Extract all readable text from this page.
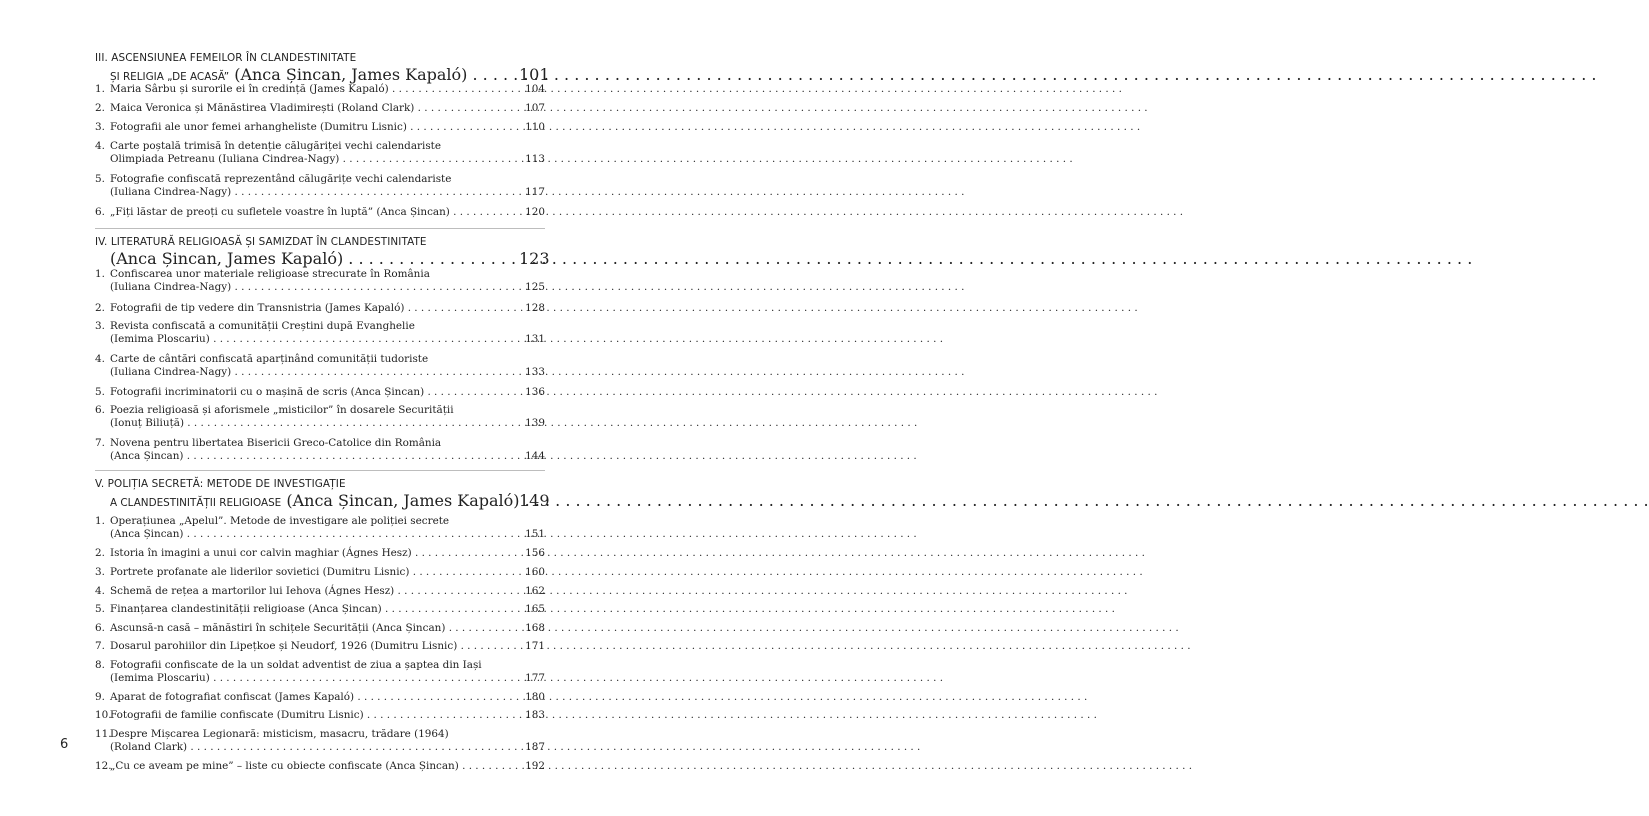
III. ASCENSIUNEA FEMEILOR ÎN CLANDESTINITATE
ȘI RELIGIA „DE ACASĂ” (Anca Șincan, James Kapaló) . . .	101
1. Maria Sârbu și surorile ei în credință (James Kapaló) . . .	104
2. Maica Veronica și Mănăstirea Vladimirești (Roland Clark) . . .	107
3. Fotografii ale unor femei arhangheliste (Dumitru Lisnic) . . .	110
4. Carte poștală trimisă în detenție călugăriței vechi calendariste
Olimpiada Petreanu (Iuliana Cindrea-Nagy) . . .	113
5. Fotografie confiscată reprezentând călugărițe vechi calendariste
(Iuliana Cindrea-Nagy) . . .	117
6. „Fiți lăstar de preoți cu sufletele voastre în luptă” (Anca Șincan) . . .	120
IV. LITERATURĂ RELIGIOASĂ ȘI SAMIZDAT ÎN CLANDESTINITATE
(Anca Șincan, James Kapaló) . . .	123
1. Confiscarea unor materiale religioase strecurate în România
(Iuliana Cindrea-Nagy) . . .	125
2. Fotografii de tip vedere din Transnistria (James Kapaló) . . .	128
3. Revista confiscată a comunității Creștini după Evanghelie
(Iemima Ploscariu) . . .	131
4. Carte de cântări confiscată aparținând comunității tudoriste
(Iuliana Cindrea-Nagy) . . .	133
5. Fotografii incriminatorii cu o mașină de scris (Anca Șincan) . . .	136
6. Poezia religioasă și aforismele „misticilor” în dosarele Securității
(Ionuț Biliuță) . . .	139
7. Novena pentru libertatea Bisericii Greco-Catolice din România
(Anca Șincan) . . .	144
V. POLIȚIA SECRETĂ: METODE DE INVESTIGAȚIE
A CLANDESTINITĂȚII RELIGIOASE (Anca Șincan, James Kapaló) . . . 149
1. Operațiunea „Apelul”. Metode de investigare ale poliției secrete
(Anca Șincan) . . .	151
2. Istoria în imagini a unui cor calvin maghiar (Ágnes Hesz) . . .	156
3. Portrete profanate ale liderilor sovietici (Dumitru Lisnic) . . .	160
4. Schemă de rețea a martorilor lui Iehova (Ágnes Hesz) . . .	162
5. Finanțarea clandestinității religioase (Anca Șincan) . . .	165
6. Ascunsă-n casă – mănăstiri în schițele Securității (Anca Șincan) . . .	168
7. Dosarul parohiilor din Lipețkoe și Neudorf, 1926 (Dumitru Lisnic) . . .	171
8. Fotografii confiscate de la un soldat adventist de ziua a șaptea din Iași
(Iemima Ploscariu) . . .	177
9. Aparat de fotografiat confiscat (James Kapaló) . . .	180
10.
Fotografii de familie confiscate (Dumitru Lisnic) . . .	183
11.
Despre Mișcarea Legionară: misticism, masacru, trădare (1964)
(Roland Clark) . . .	187
12.
„Cu ce aveam pe mine” – liste cu obiecte confiscate (Anca Șincan) . . .	192
6
